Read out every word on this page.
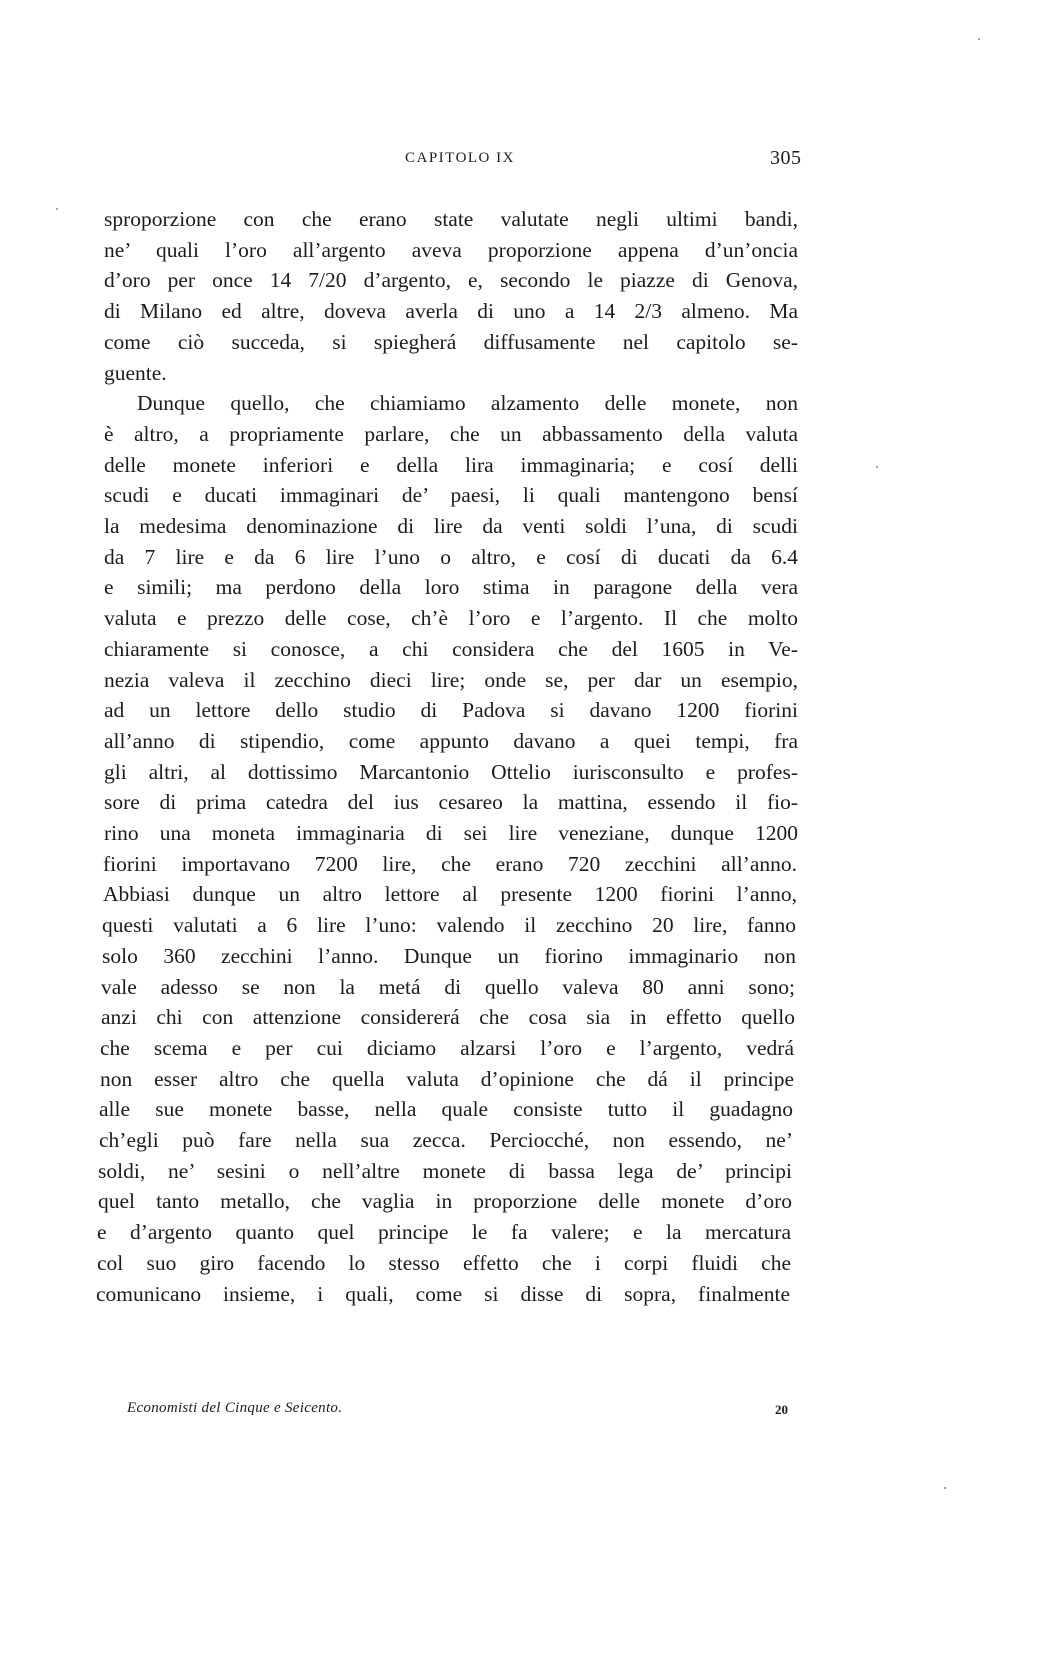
CAPITOLO IX	305
sproporzione con che erano state valutate negli ultimi bandi,
ne’ quali l’oro all’argento aveva proporzione appena d’un’oncia
d’oro per once 14 7/20 d’argento, e, secondo le piazze di Genova,
di Milano ed altre, doveva averla di uno a 14 2/3 almeno. Ma
come ciò succeda, si spiegherá diffusamente nel capitolo se-
guente.
Dunque quello, che chiamiamo alzamento delle monete, non
è altro, a propriamente parlare, che un abbassamento della valuta
delle monete inferiori e della lira immaginaria; e cosí delli
scudi e ducati immaginari de’ paesi, li quali mantengono bensí
la medesima denominazione di lire da venti soldi l’una, di scudi
da 7 lire e da 6 lire l’uno o altro, e cosí di ducati da 6.4
e simili; ma perdono della loro stima in paragone della vera
valuta e prezzo delle cose, ch’è l’oro e l’argento. Il che molto
chiaramente si conosce, a chi considera che del 1605 in Ve-
nezia valeva il zecchino dieci lire; onde se, per dar un esempio,
ad un lettore dello studio di Padova si davano 1200 fiorini
all’anno di stipendio, come appunto davano a quei tempi, fra
gli altri, al dottissimo Marcantonio Ottelio iurisconsulto e profes-
sore di prima catedra del ius cesareo la mattina, essendo il fio-
rino una moneta immaginaria di sei lire veneziane, dunque 1200
fiorini importavano 7200 lire, che erano 720 zecchini all’anno.
Abbiasi dunque un altro lettore al presente 1200 fiorini l’anno,
questi valutati a 6 lire l’uno: valendo il zecchino 20 lire, fanno
solo 360 zecchini l’anno. Dunque un fiorino immaginario non
vale adesso se non la metá di quello valeva 80 anni sono;
anzi chi con attenzione considererá che cosa sia in effetto quello
che scema e per cui diciamo alzarsi l’oro e l’argento, vedrá
non esser altro che quella valuta d’opinione che dá il principe
alle sue monete basse, nella quale consiste tutto il guadagno
ch’egli può fare nella sua zecca. Perciocché, non essendo, ne’
soldi, ne’ sesini o nell’altre monete di bassa lega de’ principi
quel tanto metallo, che vaglia in proporzione delle monete d’oro
e d’argento quanto quel principe le fa valere; e la mercatura
col suo giro facendo lo stesso effetto che i corpi fluidi che
comunicano insieme, i quali, come si disse di sopra, finalmente
Economisti del Cinque e Seicento.	20
